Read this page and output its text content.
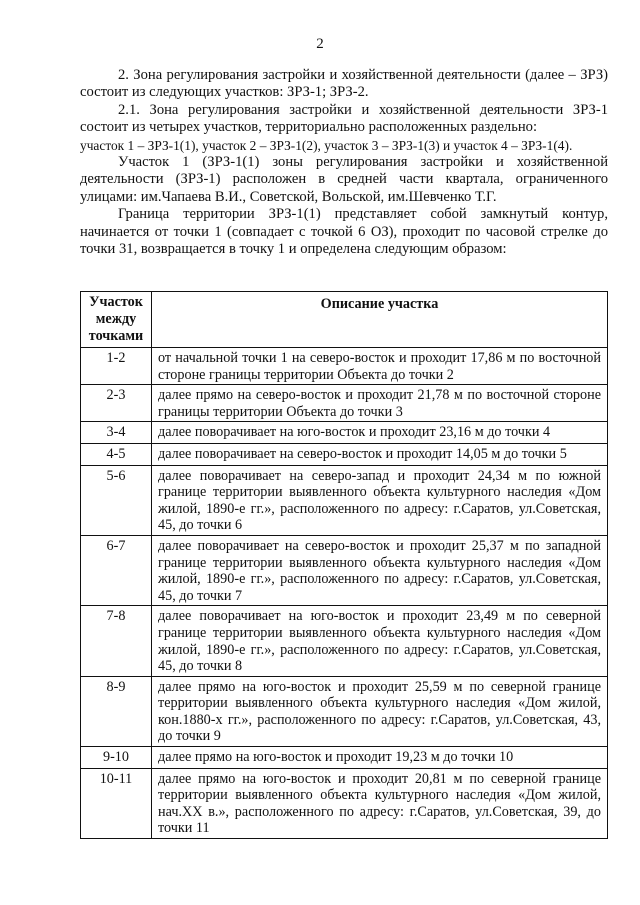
2

2. Зона регулирования застройки и хозяйственной деятельности (далее – ЗРЗ) состоит из следующих участков: ЗРЗ-1; ЗРЗ-2.

2.1. Зона регулирования застройки и хозяйственной деятельности ЗРЗ-1 состоит из четырех участков, территориально расположенных раздельно:

участок 1 – ЗРЗ-1(1), участок 2 – ЗРЗ-1(2), участок 3 – ЗРЗ-1(3) и участок 4 – ЗРЗ-1(4).

Участок 1 (ЗРЗ-1(1) зоны регулирования застройки и хозяйственной деятельности (ЗРЗ-1) расположен в средней части квартала, ограниченного улицами: им.Чапаева В.И., Советской, Вольской, им.Шевченко Т.Г.

Граница территории ЗРЗ-1(1) представляет собой замкнутый контур, начинается от точки 1 (совпадает с точкой 6 ОЗ), проходит по часовой стрелке до точки 31, возвращается в точку 1 и определена следующим образом:

Участок между точками	Описание участка
1-2	от начальной точки 1 на северо-восток и проходит 17,86 м по восточной стороне границы территории Объекта до точки 2
2-3	далее прямо на северо-восток и проходит 21,78 м по восточной стороне границы территории Объекта до точки 3
3-4	далее поворачивает на юго-восток и проходит 23,16 м до точки 4
4-5	далее поворачивает на северо-восток и проходит 14,05 м до точки 5
5-6	далее поворачивает на северо-запад и проходит 24,34 м по южной границе территории выявленного объекта культурного наследия «Дом жилой, 1890-е гг.», расположенного по адресу: г.Саратов, ул.Советская, 45, до точки 6
6-7	далее поворачивает на северо-восток и проходит 25,37 м по западной границе территории выявленного объекта культурного наследия «Дом жилой, 1890-е гг.», расположенного по адресу: г.Саратов, ул.Советская, 45, до точки 7
7-8	далее поворачивает на юго-восток и проходит 23,49 м по северной границе территории выявленного объекта культурного наследия «Дом жилой, 1890-е гг.», расположенного по адресу: г.Саратов, ул.Советская, 45, до точки 8
8-9	далее прямо на юго-восток и проходит 25,59 м по северной границе территории выявленного объекта культурного наследия «Дом жилой, кон.1880-х гг.», расположенного по адресу: г.Саратов, ул.Советская, 43, до точки 9
9-10	далее прямо на юго-восток и проходит 19,23 м до точки 10
10-11	далее прямо на юго-восток и проходит 20,81 м по северной границе территории выявленного объекта культурного наследия «Дом жилой, нач.XX в.», расположенного по адресу: г.Саратов, ул.Советская, 39, до точки 11
